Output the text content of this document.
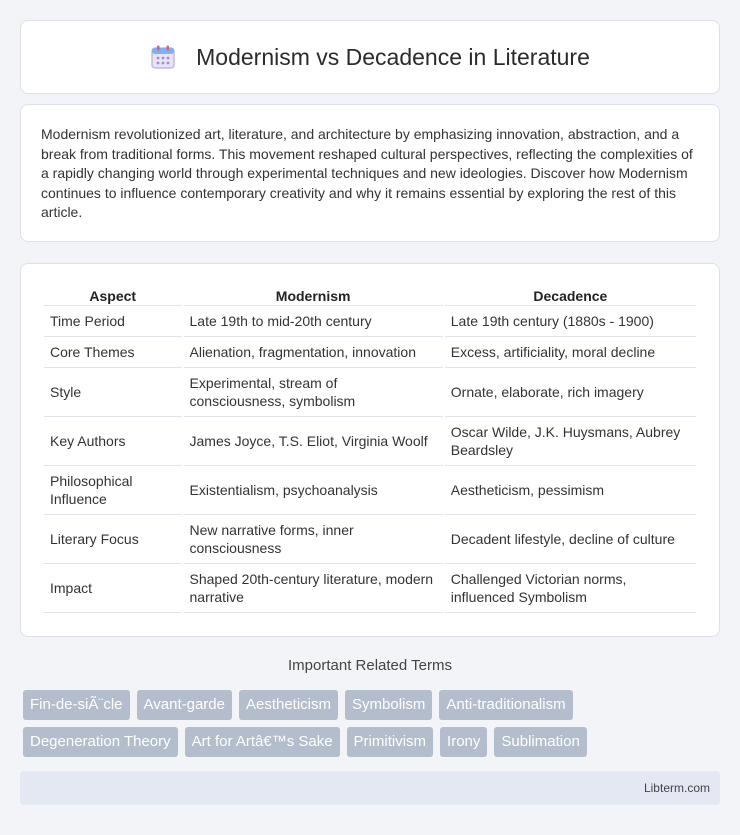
Modernism vs Decadence in Literature

Modernism revolutionized art, literature, and architecture by emphasizing innovation, abstraction, and a break from traditional forms. This movement reshaped cultural perspectives, reflecting the complexities of a rapidly changing world through experimental techniques and new ideologies. Discover how Modernism continues to influence contemporary creativity and why it remains essential by exploring the rest of this article.

Aspect	Modernism	Decadence
Time Period	Late 19th to mid-20th century	Late 19th century (1880s - 1900)
Core Themes	Alienation, fragmentation, innovation	Excess, artificiality, moral decline
Style	Experimental, stream of consciousness, symbolism	Ornate, elaborate, rich imagery
Key Authors	James Joyce, T.S. Eliot, Virginia Woolf	Oscar Wilde, J.K. Huysmans, Aubrey Beardsley
Philosophical Influence	Existentialism, psychoanalysis	Aestheticism, pessimism
Literary Focus	New narrative forms, inner consciousness	Decadent lifestyle, decline of culture
Impact	Shaped 20th-century literature, modern narrative	Challenged Victorian norms, influenced Symbolism
Important Related Terms
Fin-de-siÃ¨cle	Avant-garde	Aestheticism	Symbolism	Anti-traditionalism
Degeneration Theory	Art for Artâ€™s Sake	Primitivism	Irony	Sublimation
Libterm.com
